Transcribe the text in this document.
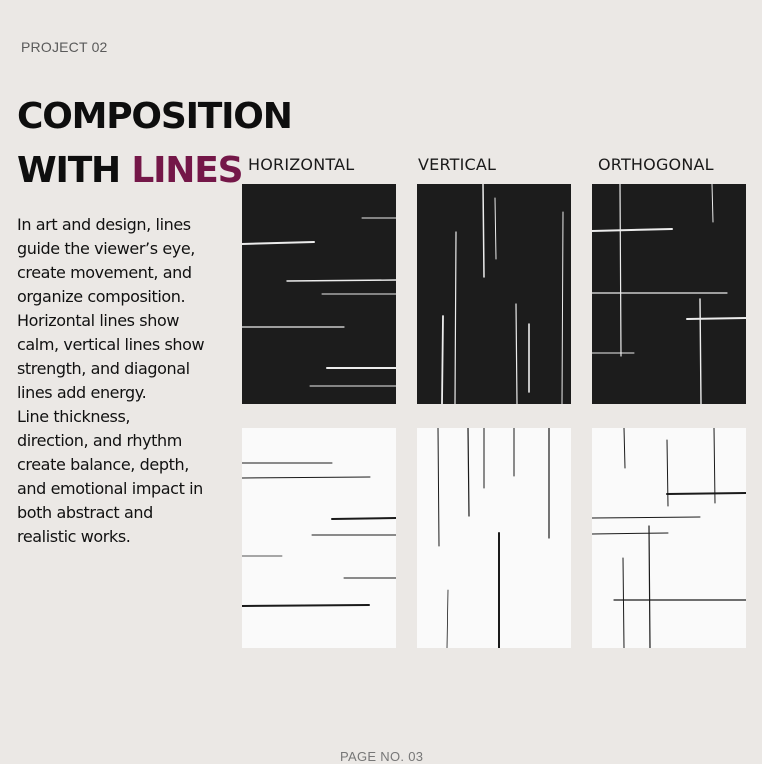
PROJECT 02
COMPOSITION
WITH LINES

In art and design, lines
guide the viewer’s eye,
create movement, and
organize composition.
Horizontal lines show
calm, vertical lines show
strength, and diagonal
lines add energy.
Line thickness,
direction, and rhythm
create balance, depth,
and emotional impact in
both abstract and
realistic works.

HORIZONTAL	VERTICAL	ORTHOGONAL
PAGE NO. 03
